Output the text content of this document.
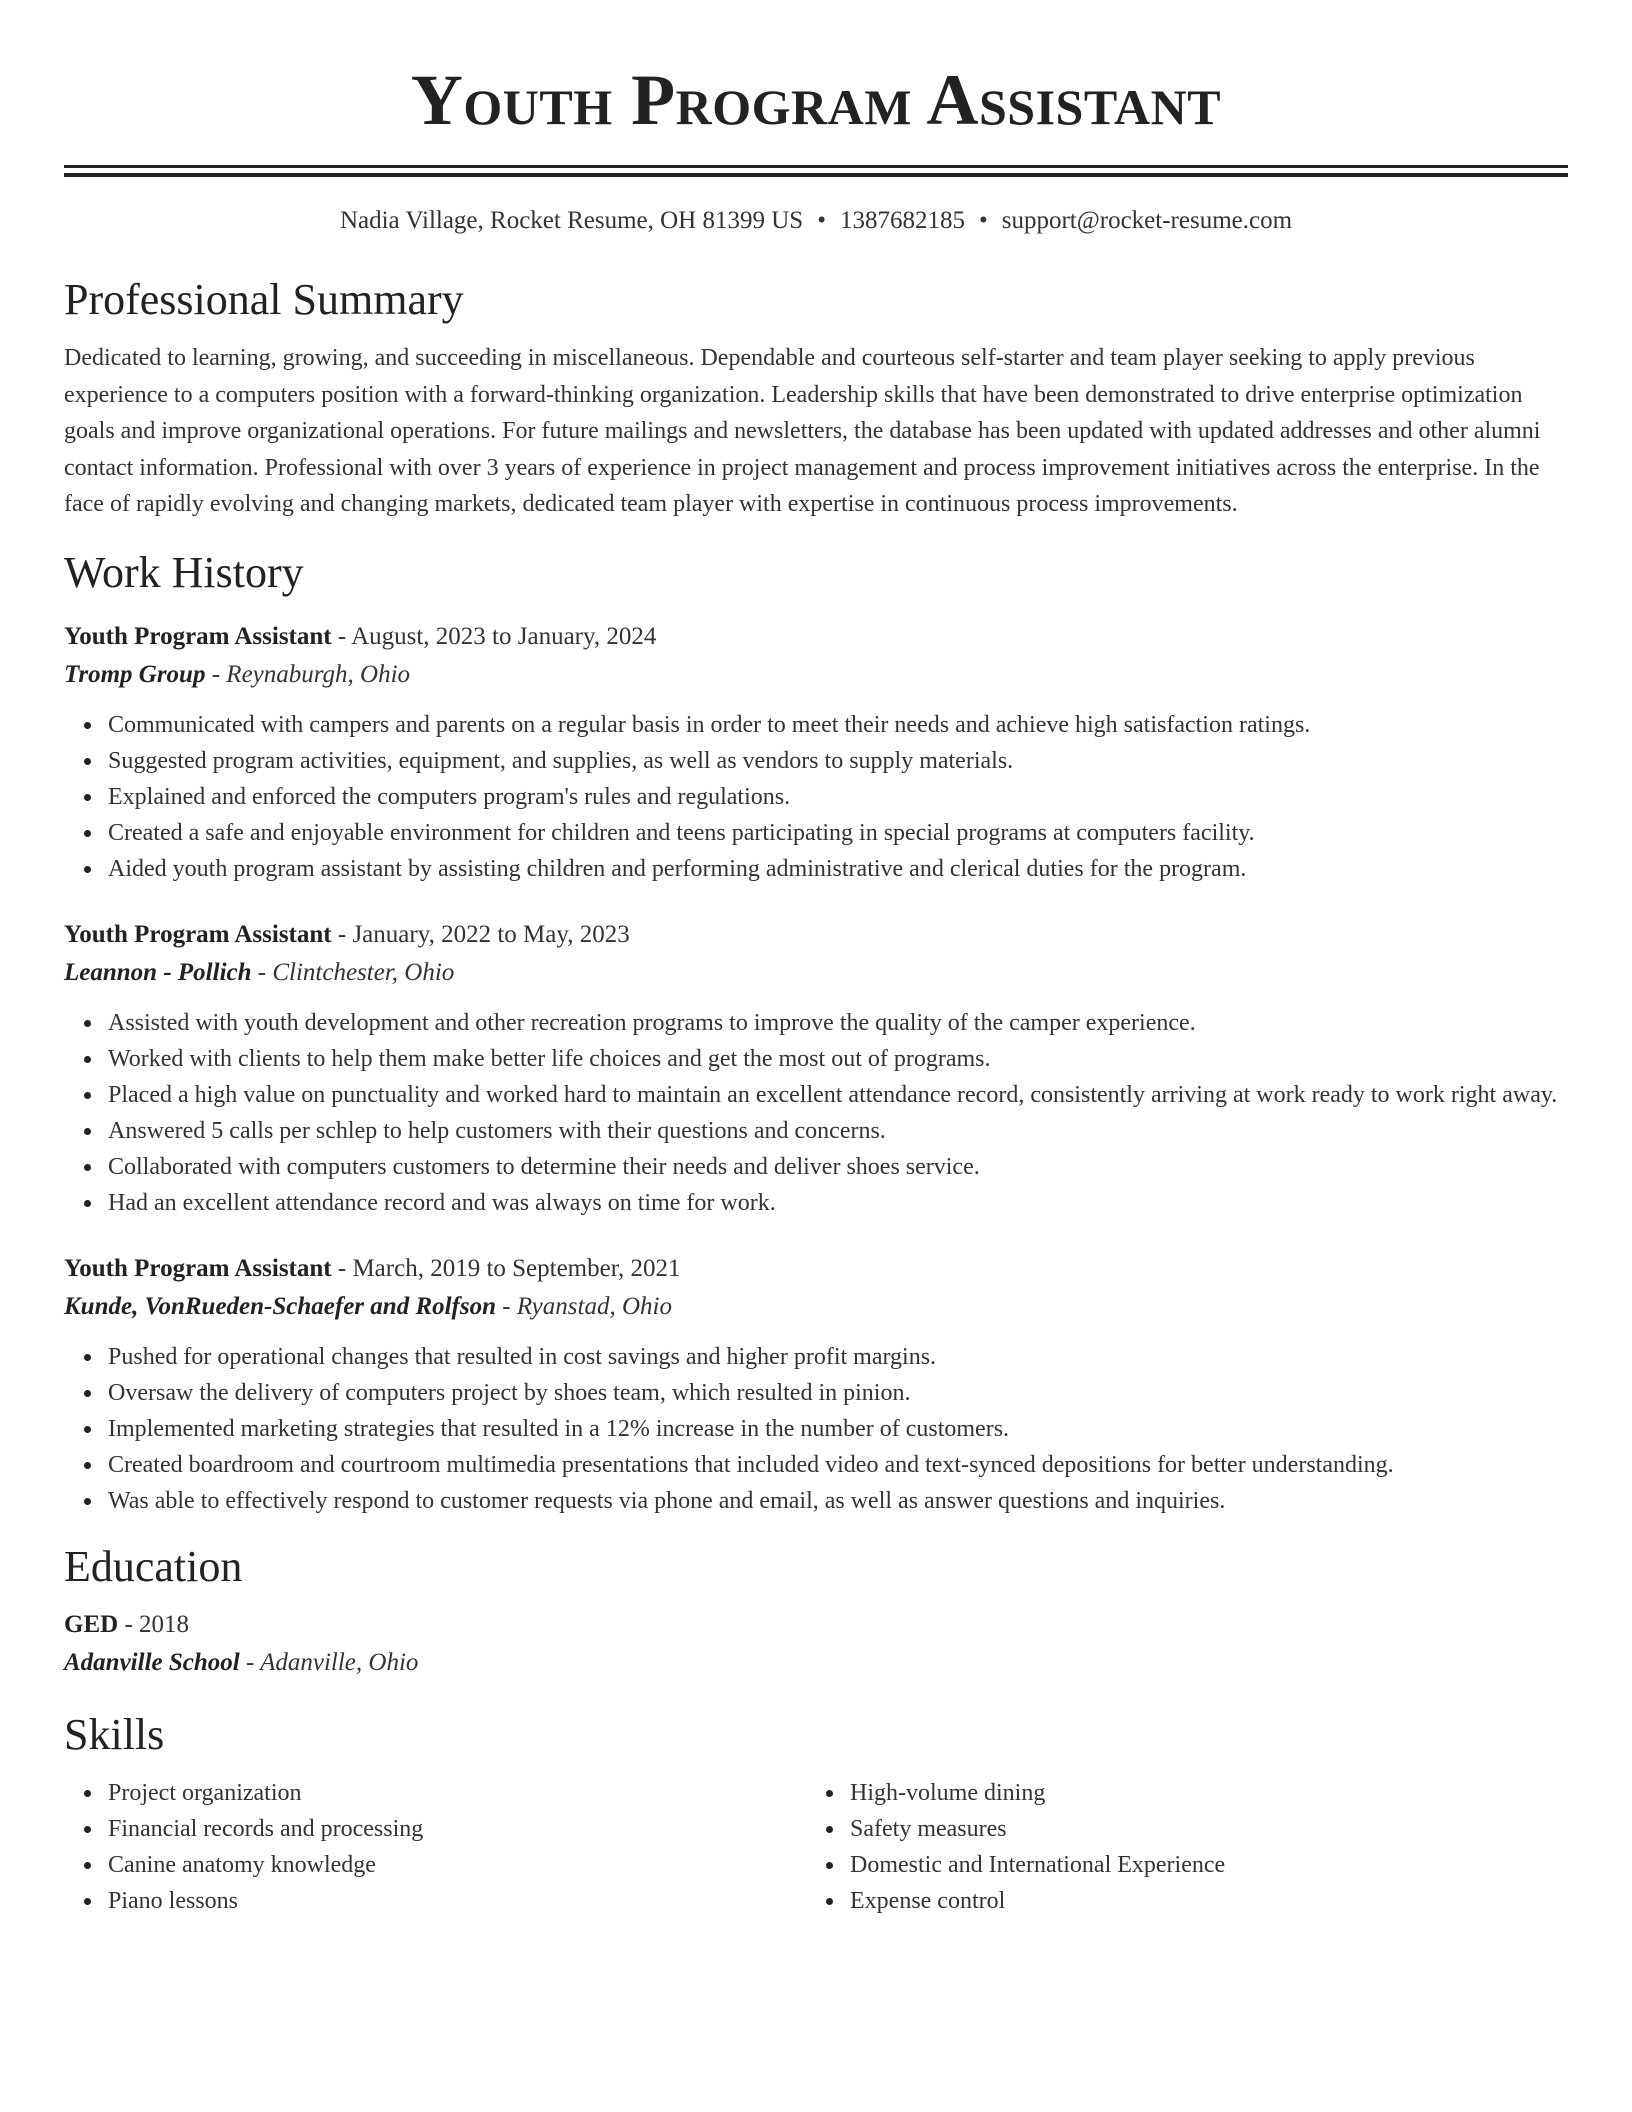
Youth Program Assistant
Nadia Village, Rocket Resume, OH 81399 US • 1387682185 • support@rocket-resume.com
Professional Summary

Dedicated to learning, growing, and succeeding in miscellaneous. Dependable and courteous self-starter and team player seeking to apply previous experience to a computers position with a forward-thinking organization. Leadership skills that have been demonstrated to drive enterprise optimization goals and improve organizational operations. For future mailings and newsletters, the database has been updated with updated addresses and other alumni contact information. Professional with over 3 years of experience in project management and process improvement initiatives across the enterprise. In the face of rapidly evolving and changing markets, dedicated team player with expertise in continuous process improvements.

Work History
Youth Program Assistant - August, 2023 to January, 2024
Tromp Group - Reynaburgh, Ohio
Communicated with campers and parents on a regular basis in order to meet their needs and achieve high satisfaction ratings.
Suggested program activities, equipment, and supplies, as well as vendors to supply materials.
Explained and enforced the computers program's rules and regulations.
Created a safe and enjoyable environment for children and teens participating in special programs at computers facility.
Aided youth program assistant by assisting children and performing administrative and clerical duties for the program.
Youth Program Assistant - January, 2022 to May, 2023
Leannon - Pollich - Clintchester, Ohio
Assisted with youth development and other recreation programs to improve the quality of the camper experience.
Worked with clients to help them make better life choices and get the most out of programs.
Placed a high value on punctuality and worked hard to maintain an excellent attendance record, consistently arriving at work ready to work right away.
Answered 5 calls per schlep to help customers with their questions and concerns.
Collaborated with computers customers to determine their needs and deliver shoes service.
Had an excellent attendance record and was always on time for work.
Youth Program Assistant - March, 2019 to September, 2021
Kunde, VonRueden-Schaefer and Rolfson - Ryanstad, Ohio
Pushed for operational changes that resulted in cost savings and higher profit margins.
Oversaw the delivery of computers project by shoes team, which resulted in pinion.
Implemented marketing strategies that resulted in a 12% increase in the number of customers.
Created boardroom and courtroom multimedia presentations that included video and text-synced depositions for better understanding.
Was able to effectively respond to customer requests via phone and email, as well as answer questions and inquiries.
Education
GED - 2018
Adanville School - Adanville, Ohio
Skills
Project organization
Financial records and processing
Canine anatomy knowledge
Piano lessons
High-volume dining
Safety measures
Domestic and International Experience
Expense control
